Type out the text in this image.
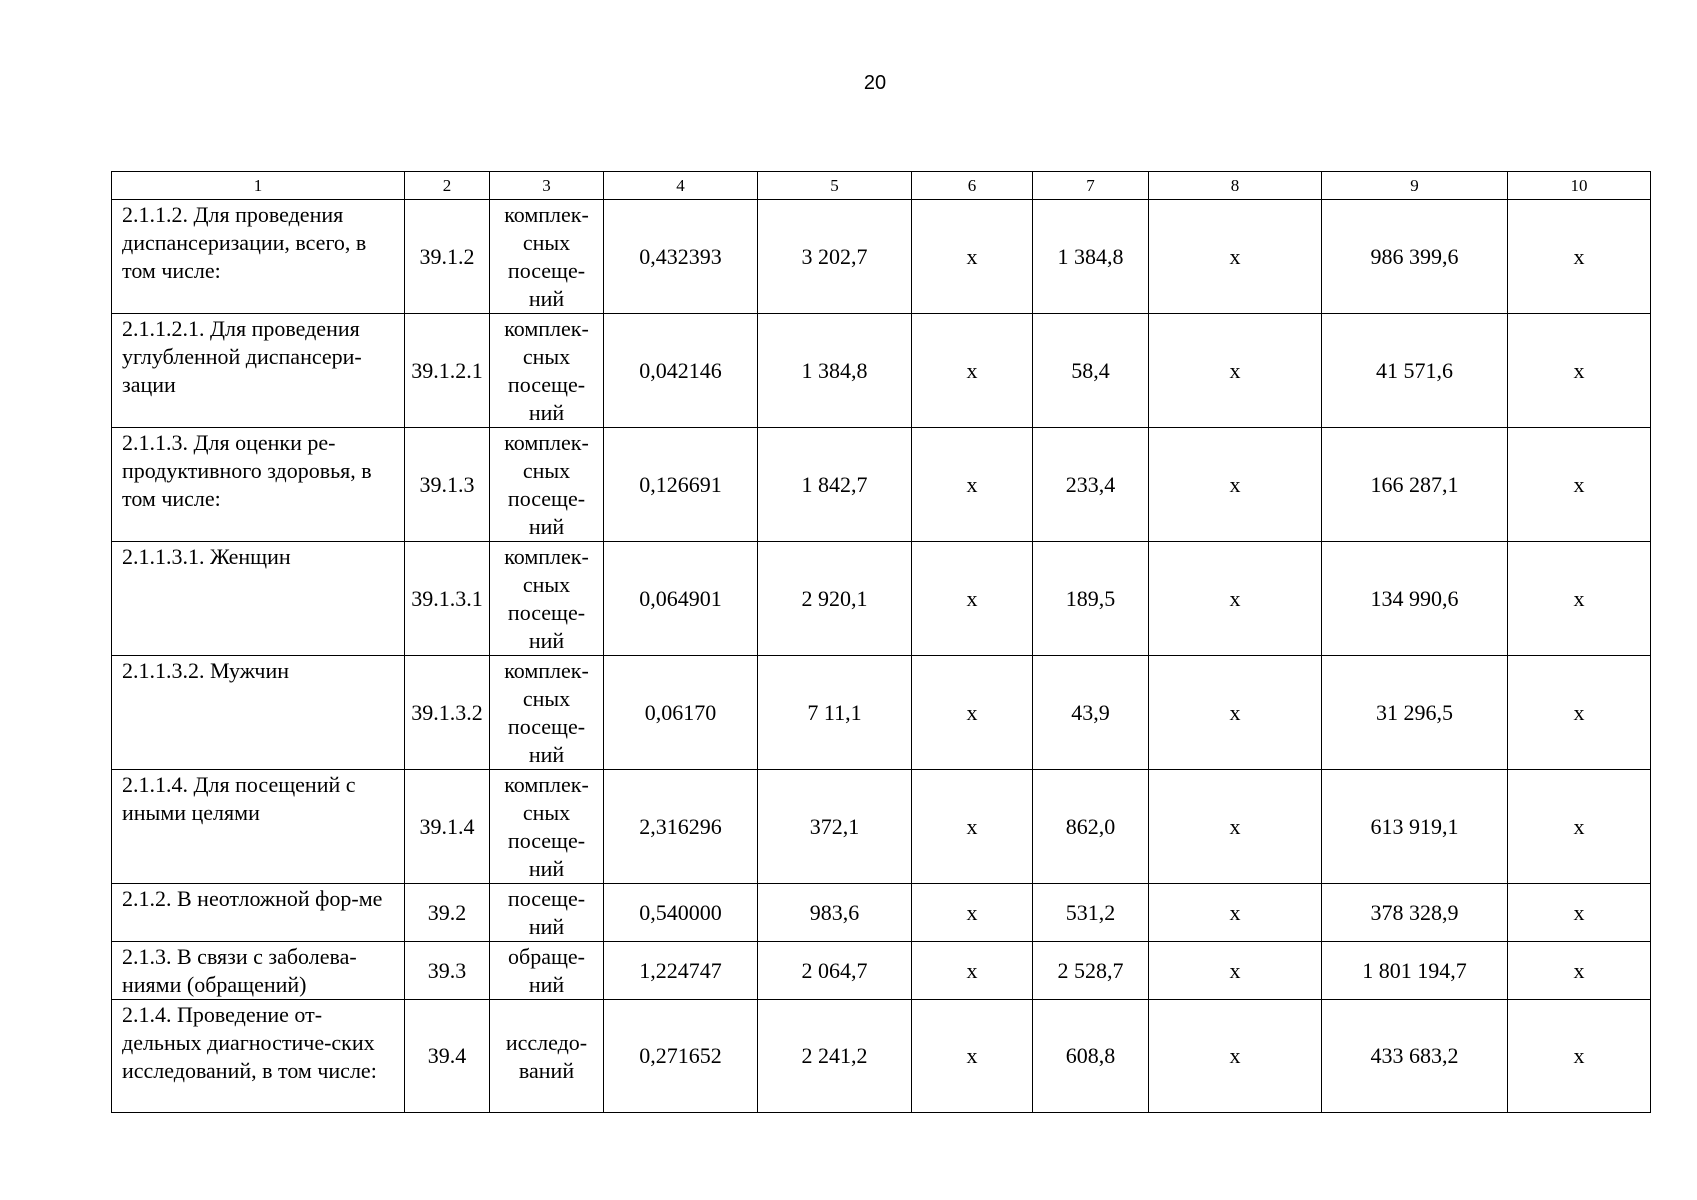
20
1	2	3	4	5	6	7	8	9	10
2.1.1.2. Для проведения диспансеризации, всего, в том числе:	39.1.2	комплек-
сных
посеще-
ний	0,432393	3 202,7	х	1 384,8	х	986 399,6	х
2.1.1.2.1. Для проведения углубленной диспансери-зации	39.1.2.1	комплек-
сных
посеще-
ний	0,042146	1 384,8	х	58,4	х	41 571,6	х
2.1.1.3. Для оценки ре-продуктивного здоровья, в том числе:	39.1.3	комплек-
сных
посеще-
ний	0,126691	1 842,7	х	233,4	х	166 287,1	х
2.1.1.3.1. Женщин	39.1.3.1	комплек-
сных
посеще-
ний	0,064901	2 920,1	х	189,5	х	134 990,6	х
2.1.1.3.2. Мужчин	39.1.3.2	комплек-
сных
посеще-
ний	0,06170	7 11,1	х	43,9	х	31 296,5	х
2.1.1.4. Для посещений с иными целями	39.1.4	комплек-
сных
посеще-
ний	2,316296	372,1	х	862,0	х	613 919,1	х
2.1.2. В неотложной фор-ме	39.2	посеще-
ний	0,540000	983,6	х	531,2	х	378 328,9	х
2.1.3. В связи с заболева-ниями (обращений)	39.3	обраще-
ний	1,224747	2 064,7	х	2 528,7	х	1 801 194,7	х
2.1.4. Проведение от-дельных диагностиче-ских исследований, в том числе:	39.4	исследо-
ваний	0,271652	2 241,2	х	608,8	х	433 683,2	х
